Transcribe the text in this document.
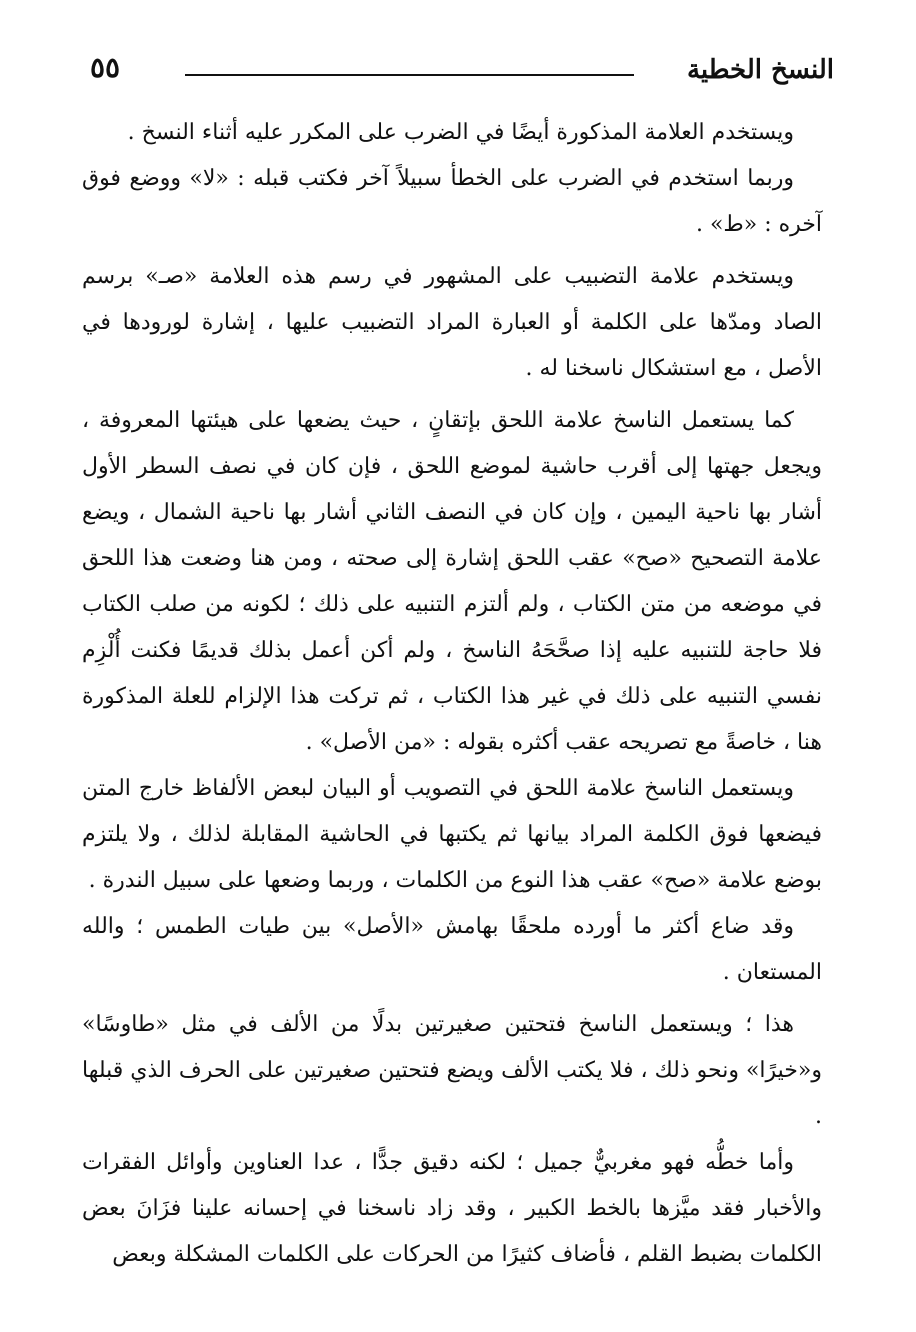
النسخ الخطية
٥٥

ويستخدم العلامة المذكورة أيضًا في الضرب على المكرر عليه أثناء النسخ .

وربما استخدم في الضرب على الخطأ سبيلاً آخر فكتب قبله : «لا» ووضع فوق آخره : «ط» .

ويستخدم علامة التضبيب على المشهور في رسم هذه العلامة «صـ» برسم الصاد ومدّها على الكلمة أو العبارة المراد التضبيب عليها ، إشارة لورودها في الأصل ، مع استشكال ناسخنا له .

كما يستعمل الناسخ علامة اللحق بإتقانٍ ، حيث يضعها على هيئتها المعروفة ، ويجعل جهتها إلى أقرب حاشية لموضع اللحق ، فإن كان في نصف السطر الأول أشار بها ناحية اليمين ، وإن كان في النصف الثاني أشار بها ناحية الشمال ، ويضع علامة التصحيح «صح» عقب اللحق إشارة إلى صحته ، ومن هنا وضعت هذا اللحق في موضعه من متن الكتاب ، ولم ألتزم التنبيه على ذلك ؛ لكونه من صلب الكتاب فلا حاجة للتنبيه عليه إذا صحَّحَهُ الناسخ ، ولم أكن أعمل بذلك قديمًا فكنت أُلْزِم نفسي التنبيه على ذلك في غير هذا الكتاب ، ثم تركت هذا الإلزام للعلة المذكورة هنا ، خاصةً مع تصريحه عقب أكثره بقوله : «من الأصل» .

ويستعمل الناسخ علامة اللحق في التصويب أو البيان لبعض الألفاظ خارج المتن فيضعها فوق الكلمة المراد بيانها ثم يكتبها في الحاشية المقابلة لذلك ، ولا يلتزم بوضع علامة «صح» عقب هذا النوع من الكلمات ، وربما وضعها على سبيل الندرة .

وقد ضاع أكثر ما أورده ملحقًا بهامش «الأصل» بين طيات الطمس ؛ والله المستعان .

هذا ؛ ويستعمل الناسخ فتحتين صغيرتين بدلًا من الألف في مثل «طاوسًا» و«خيرًا» ونحو ذلك ، فلا يكتب الألف ويضع فتحتين صغيرتين على الحرف الذي قبلها .

وأما خطُّه فهو مغربيٌّ جميل ؛ لكنه دقيق جدًّا ، عدا العناوين وأوائل الفقرات والأخبار فقد ميَّزها بالخط الكبير ، وقد زاد ناسخنا في إحسانه علينا فزَانَ بعض الكلمات بضبط القلم ، فأضاف كثيرًا من الحركات على الكلمات المشكلة وبعض
